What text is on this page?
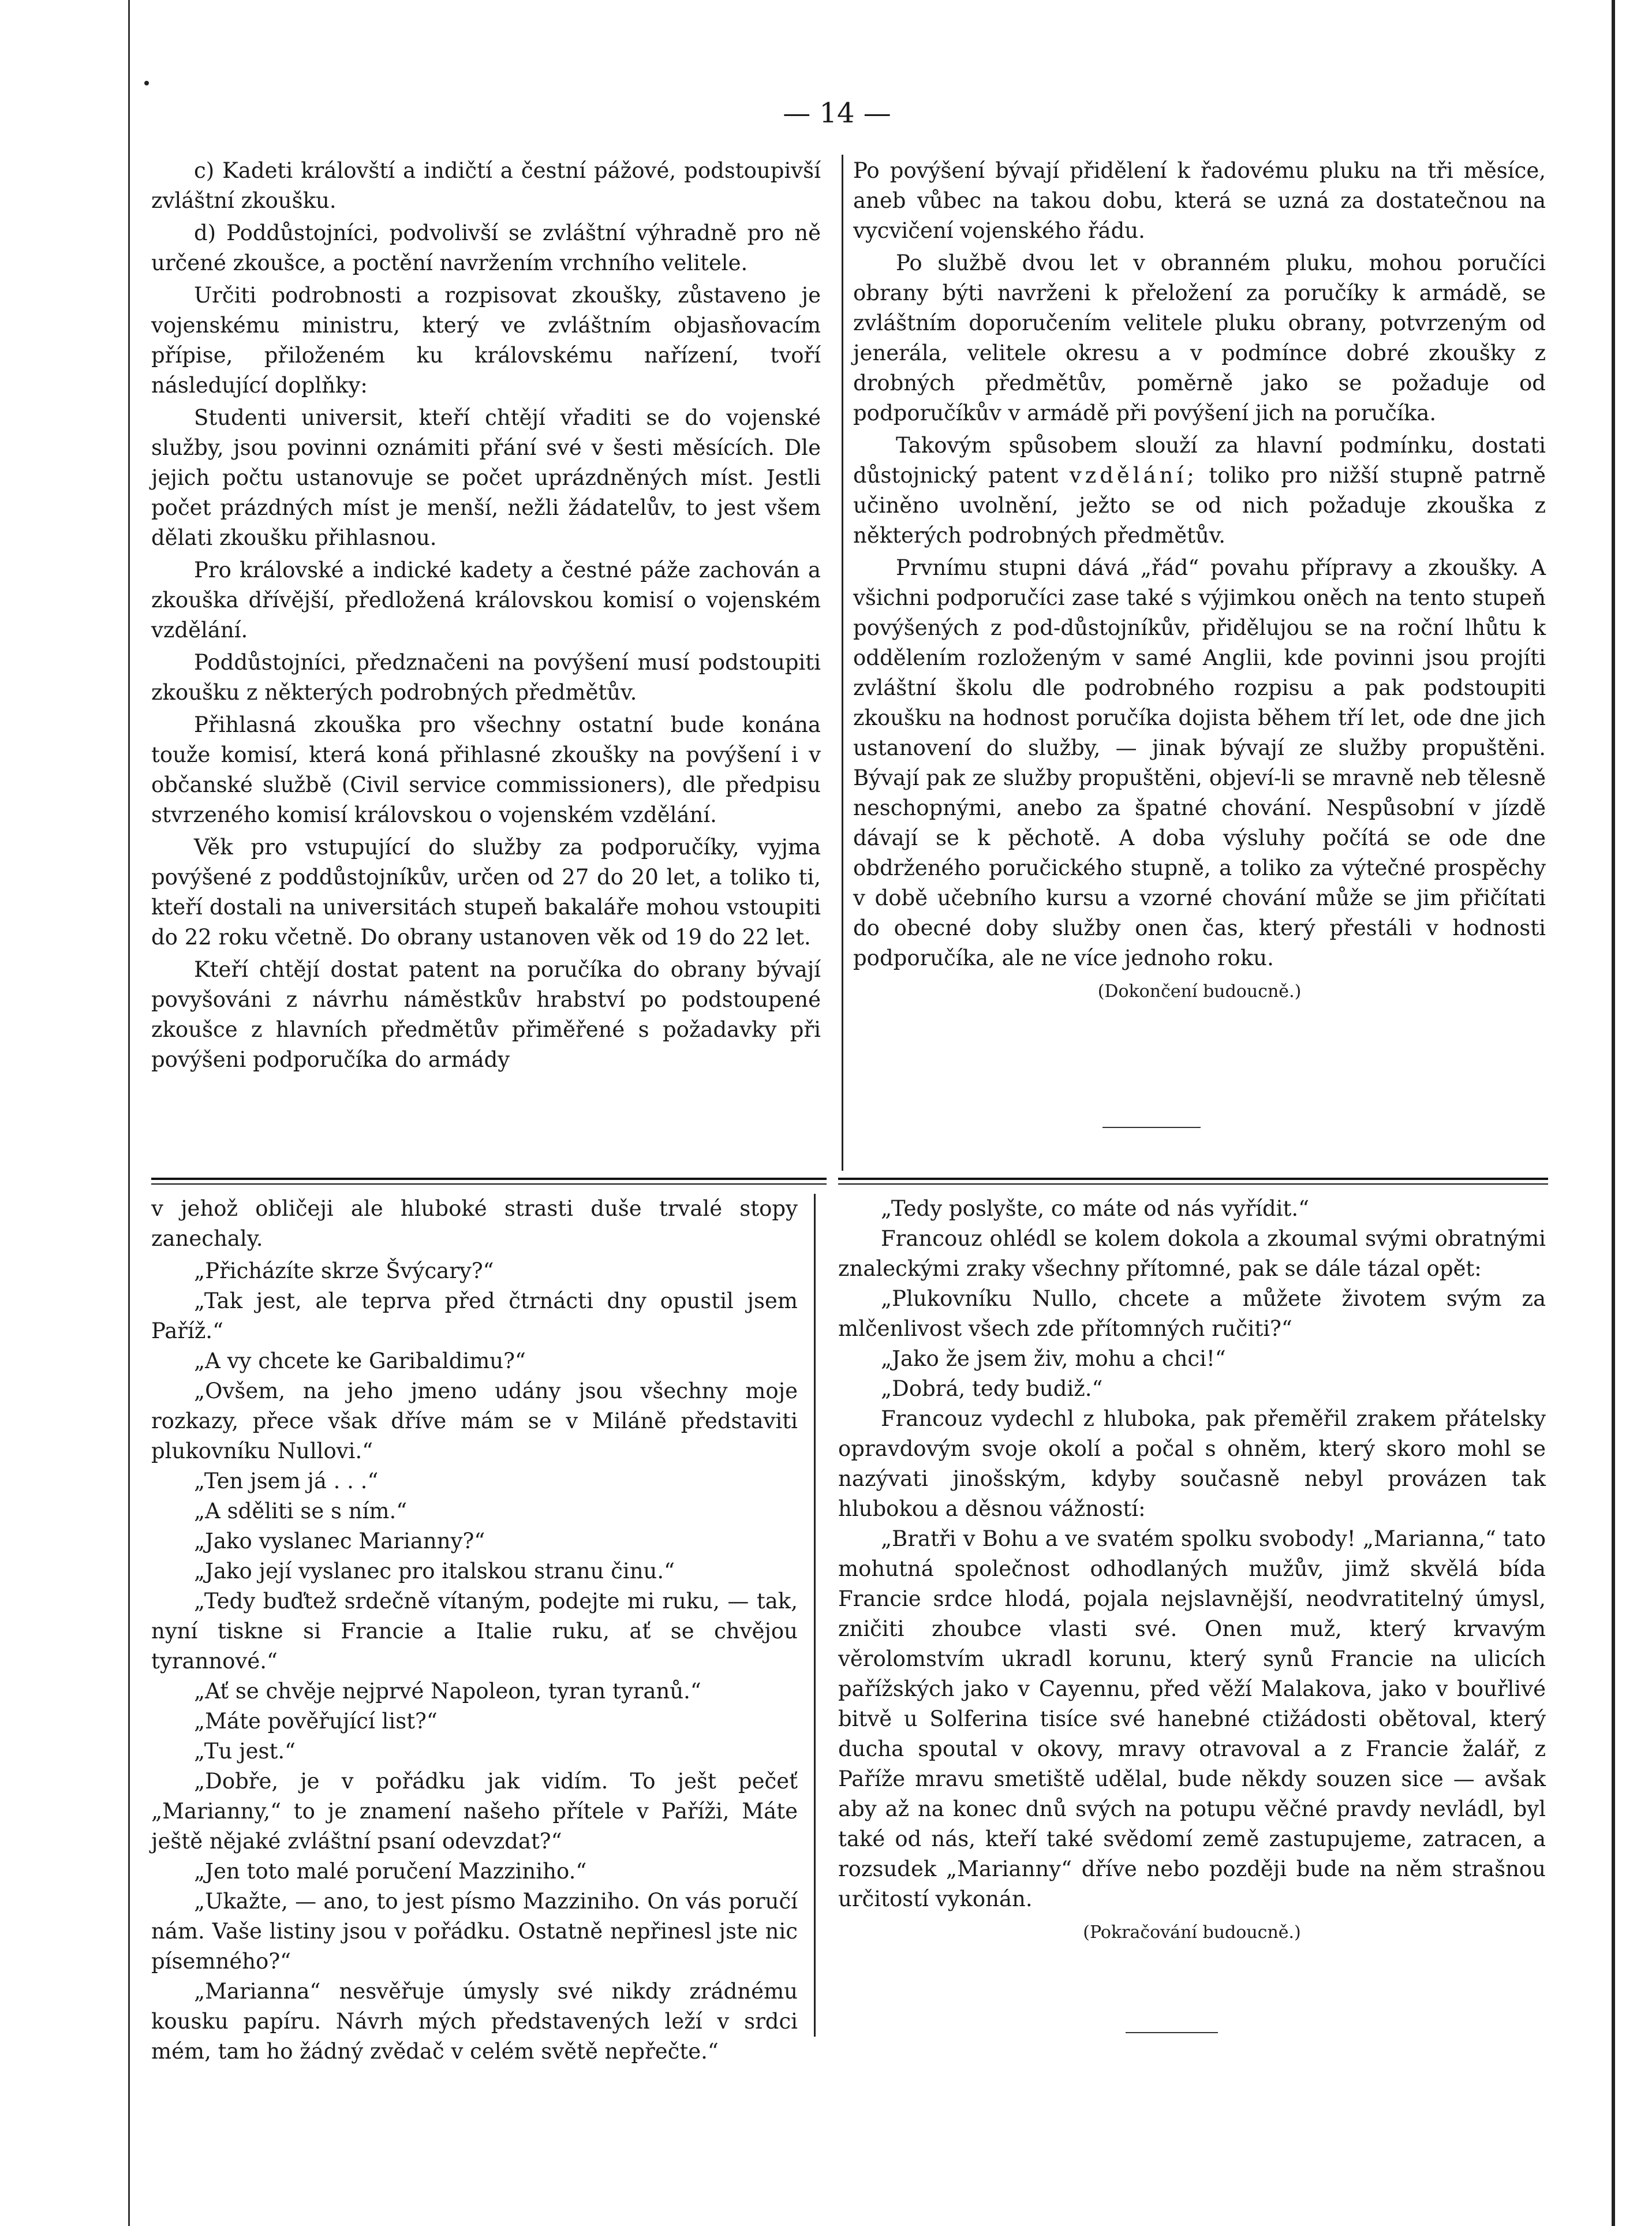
— 14 —

c) Kadeti královští a indičtí a čestní pážové, podstoupivší zvláštní zkoušku.

d) Poddůstojníci, podvolivší se zvláštní výhradně pro ně určené zkoušce, a poctění navržením vrchního velitele.

Určiti podrobnosti a rozpisovat zkoušky, zůstaveno je vojenskému ministru, který ve zvláštním objasňovacím přípise, přiloženém ku královskému nařízení, tvoří následující doplňky:

Studenti universit, kteří chtějí vřaditi se do vojenské služby, jsou povinni oznámiti přání své v šesti měsících. Dle jejich počtu ustanovuje se počet uprázdněných míst. Jestli počet prázdných míst je menší, nežli žádatelův, to jest všem dělati zkoušku přihlasnou.

Pro královské a indické kadety a čestné páže zachován a zkouška dřívější, předložená královskou komisí o vojenském vzdělání.

Poddůstojníci, předznačeni na povýšení musí podstoupiti zkoušku z některých podrobných předmětův.

Přihlasná zkouška pro všechny ostatní bude konána touže komisí, která koná přihlasné zkoušky na povýšení i v občanské službě (Civil service commissioners), dle předpisu stvrzeného komisí královskou o vojenském vzdělání.

Věk pro vstupující do služby za podporučíky, vyjma povýšené z poddůstojníkův, určen od 27 do 20 let, a toliko ti, kteří dostali na universitách stupeň bakaláře mohou vstoupiti do 22 roku včetně. Do obrany ustanoven věk od 19 do 22 let.

Kteří chtějí dostat patent na poručíka do obrany bývají povyšováni z návrhu náměstkův hrabství po podstoupené zkoušce z hlavních předmětův přiměřené s požadavky při povýšeni podporučíka do armády

Po povýšení bývají přidělení k řadovému pluku na tři měsíce, aneb vůbec na takou dobu, která se uzná za dostatečnou na vycvičení vojenského řádu.

Po službě dvou let v obranném pluku, mohou poručíci obrany býti navrženi k přeložení za poručíky k armádě, se zvláštním doporučením velitele pluku obrany, potvrzeným od jenerála, velitele okresu a v podmínce dobré zkoušky z drobných předmětův, poměrně jako se požaduje od podporučíkův v armádě při povýšení jich na poručíka.

Takovým spůsobem slouží za hlavní podmínku, dostati důstojnický patent vzdělání; toliko pro nižší stupně patrně učiněno uvolnění, ježto se od nich požaduje zkouška z některých podrobných předmětův.

Prvnímu stupni dává „řád“ povahu přípravy a zkoušky. A všichni podporučíci zase také s výjimkou oněch na tento stupeň povýšených z pod-důstojníkův, přidělujou se na roční lhůtu k oddělením rozloženým v samé Anglii, kde povinni jsou projíti zvláštní školu dle podrobného rozpisu a pak podstoupiti zkoušku na hodnost poručíka dojista během tří let, ode dne jich ustanovení do služby, — jinak bývají ze služby propuštěni. Bývají pak ze služby propuštěni, objeví-li se mravně neb tělesně neschopnými, anebo za špatné chování. Nespůsobní v jízdě dávají se k pěchotě. A doba výsluhy počítá se ode dne obdrženého poručického stupně, a toliko za výtečné prospěchy v době učebního kursu a vzorné chování může se jim přičítati do obecné doby služby onen čas, který přestáli v hodnosti podporučíka, ale ne více jednoho roku.

(Dokončení budoucně.)

v jehož obličeji ale hluboké strasti duše trvalé stopy zanechaly.

„Přicházíte skrze Švýcary?“

„Tak jest, ale teprva před čtrnácti dny opustil jsem Paříž.“

„A vy chcete ke Garibaldimu?“

„Ovšem, na jeho jmeno udány jsou všechny moje rozkazy, přece však dříve mám se v Miláně představiti plukovníku Nullovi.“

„Ten jsem já . . .“

„A sděliti se s ním.“

„Jako vyslanec Marianny?“

„Jako její vyslanec pro italskou stranu činu.“

„Tedy buďtež srdečně vítaným, podejte mi ruku, — tak, nyní tiskne si Francie a Italie ruku, ať se chvějou tyrannové.“

„Ať se chvěje nejprvé Napoleon, tyran tyranů.“

„Máte pověřující list?“

„Tu jest.“

„Dobře, je v pořádku jak vidím. To ješt pečeť „Marianny,“ to je znamení našeho přítele v Paříži, Máte ještě nějaké zvláštní psaní odevzdat?“

„Jen toto malé poručení Mazziniho.“

„Ukažte, — ano, to jest písmo Mazziniho. On vás poručí nám. Vaše listiny jsou v pořádku. Ostatně nepřinesl jste nic písemného?“

„Marianna“ nesvěřuje úmysly své nikdy zrádnému kousku papíru. Návrh mých představených leží v srdci mém, tam ho žádný zvědač v celém světě nepřečte.“

„Tedy poslyšte, co máte od nás vyřídit.“

Francouz ohlédl se kolem dokola a zkoumal svými obratnými znaleckými zraky všechny přítomné, pak se dále tázal opět:

„Plukovníku Nullo, chcete a můžete životem svým za mlčenlivost všech zde přítomných ručiti?“

„Jako že jsem živ, mohu a chci!“

„Dobrá, tedy budiž.“

Francouz vydechl z hluboka, pak přeměřil zrakem přátelsky opravdovým svoje okolí a počal s ohněm, který skoro mohl se nazývati jinošským, kdyby současně nebyl provázen tak hlubokou a děsnou vážností:

„Bratři v Bohu a ve svatém spolku svobody! „Marianna,“ tato mohutná společnost odhodlaných mužův, jimž skvělá bída Francie srdce hlodá, pojala nejslavnější, neodvratitelný úmysl, zničiti zhoubce vlasti své. Onen muž, který krvavým věrolomstvím ukradl korunu, který synů Francie na ulicích pařížských jako v Cayennu, před věží Malakova, jako v bouřlivé bitvě u Solferina tisíce své hanebné ctižádosti obětoval, který ducha spoutal v okovy, mravy otravoval a z Francie žalář, z Paříže mravu smetiště udělal, bude někdy souzen sice — avšak aby až na konec dnů svých na potupu věčné pravdy nevládl, byl také od nás, kteří také svědomí země zastupujeme, zatracen, a rozsudek „Marianny“ dříve nebo později bude na něm strašnou určitostí vykonán.

(Pokračování budoucně.)
